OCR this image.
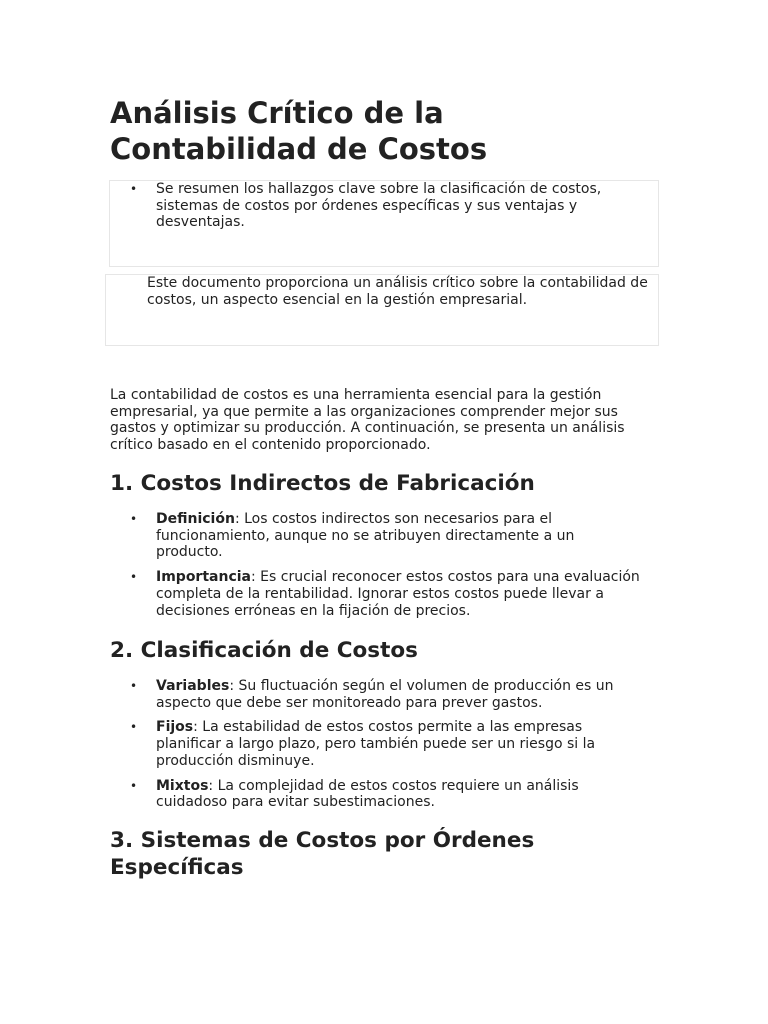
Análisis Crítico de la Contabilidad de Costos
• Se resumen los hallazgos clave sobre la clasificación de costos, sistemas de costos por órdenes específicas y sus ventajas y desventajas.

Este documento proporciona un análisis crítico sobre la contabilidad de costos, un aspecto esencial en la gestión empresarial.

La contabilidad de costos es una herramienta esencial para la gestión empresarial, ya que permite a las organizaciones comprender mejor sus gastos y optimizar su producción. A continuación, se presenta un análisis crítico basado en el contenido proporcionado.

1. Costos Indirectos de Fabricación
• Definición: Los costos indirectos son necesarios para el funcionamiento, aunque no se atribuyen directamente a un producto.
• Importancia: Es crucial reconocer estos costos para una evaluación completa de la rentabilidad. Ignorar estos costos puede llevar a decisiones erróneas en la fijación de precios.
2. Clasificación de Costos
• Variables: Su fluctuación según el volumen de producción es un aspecto que debe ser monitoreado para prever gastos.
• Fijos: La estabilidad de estos costos permite a las empresas planificar a largo plazo, pero también puede ser un riesgo si la producción disminuye.
• Mixtos: La complejidad de estos costos requiere un análisis cuidadoso para evitar subestimaciones.
3. Sistemas de Costos por Órdenes Específicas
